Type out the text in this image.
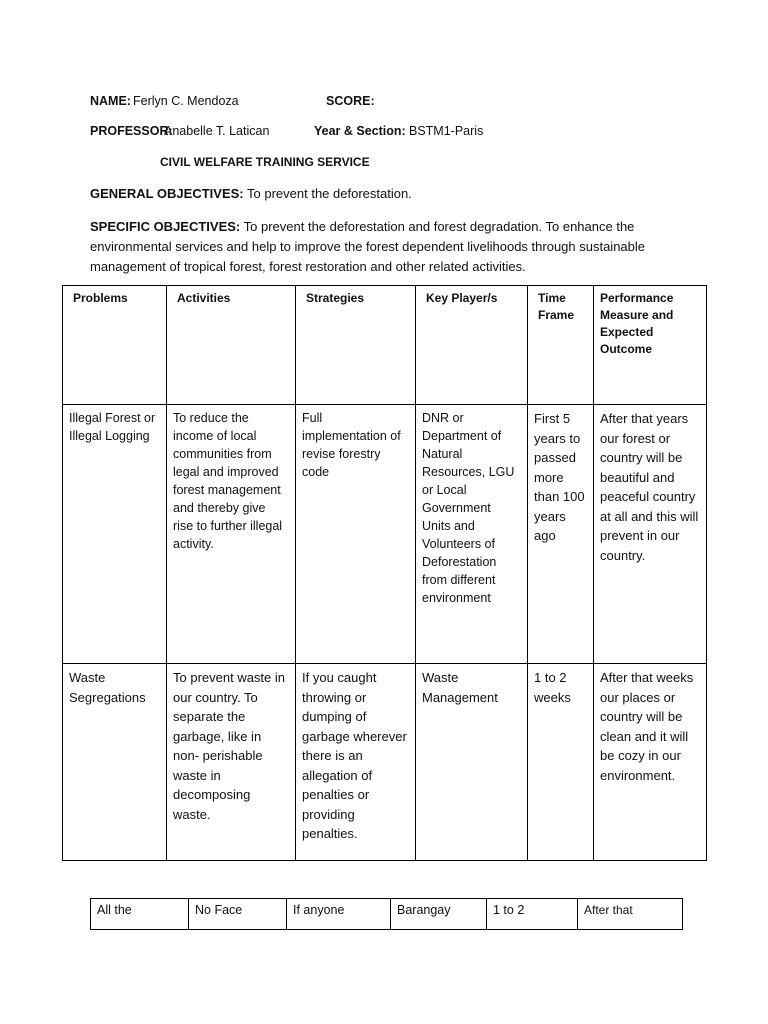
NAME: Ferlyn C. Mendoza	SCORE:
PROFESSOR:
Anabelle T. Latican	Year & Section: BSTM1-Paris
CIVIL WELFARE TRAINING SERVICE
GENERAL OBJECTIVES: To prevent the deforestation.
SPECIFIC OBJECTIVES: To prevent the deforestation and forest degradation. To enhance the environmental services and help to improve the forest dependent livelihoods through sustainable management of tropical forest, forest restoration and other related activities.
Problems	Activities	Strategies	Key Player/s	Time Frame	Performance Measure and Expected Outcome
Illegal Forest or Illegal Logging	To reduce the income of local communities from legal and improved forest management and thereby give rise to further illegal activity.	Full implementation of revise forestry code	DNR or Department of Natural Resources, LGU or Local Government Units and Volunteers of Deforestation from different environment	First 5 years to passed more than 100 years ago	After that years our forest or country will be beautiful and peaceful country at all and this will prevent in our country.
Waste Segregations	To prevent waste in our country. To separate the garbage, like in non- perishable waste in decomposing waste.	If you caught throwing or dumping of garbage wherever there is an allegation of penalties or providing penalties.	Waste Management	1 to 2 weeks	After that weeks our places or country will be clean and it will be cozy in our environment.
All the	No Face	If anyone	Barangay	1 to 2	After that
